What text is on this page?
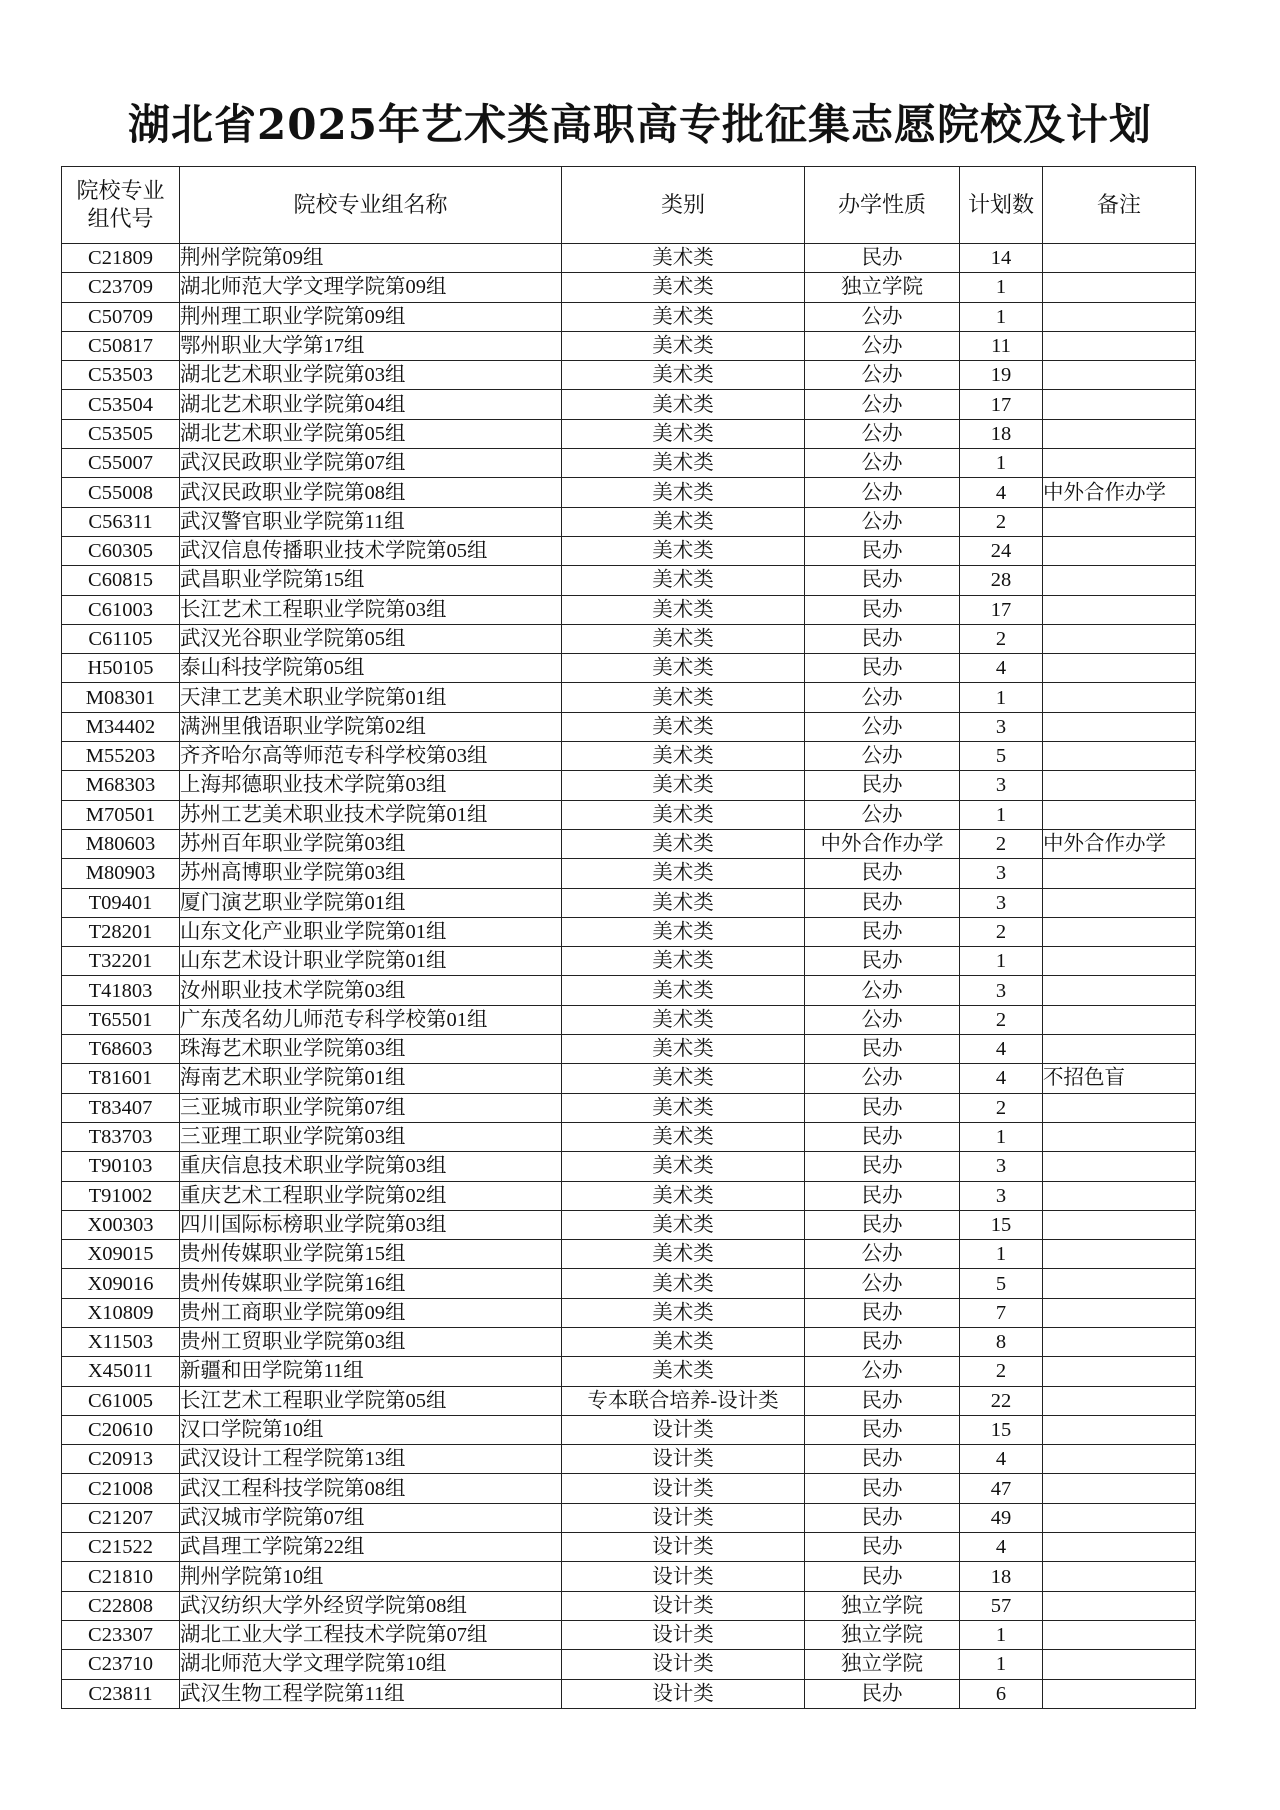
湖北省2025年艺术类高职高专批征集志愿院校及计划
院校专业
组代号	院校专业组名称	类别	办学性质	计划数	备注
C21809	荆州学院第09组	美术类	民办	14	
C23709	湖北师范大学文理学院第09组	美术类	独立学院	1	
C50709	荆州理工职业学院第09组	美术类	公办	1	
C50817	鄂州职业大学第17组	美术类	公办	11	
C53503	湖北艺术职业学院第03组	美术类	公办	19	
C53504	湖北艺术职业学院第04组	美术类	公办	17	
C53505	湖北艺术职业学院第05组	美术类	公办	18	
C55007	武汉民政职业学院第07组	美术类	公办	1	
C55008	武汉民政职业学院第08组	美术类	公办	4	中外合作办学
C56311	武汉警官职业学院第11组	美术类	公办	2	
C60305	武汉信息传播职业技术学院第05组	美术类	民办	24	
C60815	武昌职业学院第15组	美术类	民办	28	
C61003	长江艺术工程职业学院第03组	美术类	民办	17	
C61105	武汉光谷职业学院第05组	美术类	民办	2	
H50105	泰山科技学院第05组	美术类	民办	4	
M08301	天津工艺美术职业学院第01组	美术类	公办	1	
M34402	满洲里俄语职业学院第02组	美术类	公办	3	
M55203	齐齐哈尔高等师范专科学校第03组	美术类	公办	5	
M68303	上海邦德职业技术学院第03组	美术类	民办	3	
M70501	苏州工艺美术职业技术学院第01组	美术类	公办	1	
M80603	苏州百年职业学院第03组	美术类	中外合作办学	2	中外合作办学
M80903	苏州高博职业学院第03组	美术类	民办	3	
T09401	厦门演艺职业学院第01组	美术类	民办	3	
T28201	山东文化产业职业学院第01组	美术类	民办	2	
T32201	山东艺术设计职业学院第01组	美术类	民办	1	
T41803	汝州职业技术学院第03组	美术类	公办	3	
T65501	广东茂名幼儿师范专科学校第01组	美术类	公办	2	
T68603	珠海艺术职业学院第03组	美术类	民办	4	
T81601	海南艺术职业学院第01组	美术类	公办	4	不招色盲
T83407	三亚城市职业学院第07组	美术类	民办	2	
T83703	三亚理工职业学院第03组	美术类	民办	1	
T90103	重庆信息技术职业学院第03组	美术类	民办	3	
T91002	重庆艺术工程职业学院第02组	美术类	民办	3	
X00303	四川国际标榜职业学院第03组	美术类	民办	15	
X09015	贵州传媒职业学院第15组	美术类	公办	1	
X09016	贵州传媒职业学院第16组	美术类	公办	5	
X10809	贵州工商职业学院第09组	美术类	民办	7	
X11503	贵州工贸职业学院第03组	美术类	民办	8	
X45011	新疆和田学院第11组	美术类	公办	2	
C61005	长江艺术工程职业学院第05组	专本联合培养-设计类	民办	22	
C20610	汉口学院第10组	设计类	民办	15	
C20913	武汉设计工程学院第13组	设计类	民办	4	
C21008	武汉工程科技学院第08组	设计类	民办	47	
C21207	武汉城市学院第07组	设计类	民办	49	
C21522	武昌理工学院第22组	设计类	民办	4	
C21810	荆州学院第10组	设计类	民办	18	
C22808	武汉纺织大学外经贸学院第08组	设计类	独立学院	57	
C23307	湖北工业大学工程技术学院第07组	设计类	独立学院	1	
C23710	湖北师范大学文理学院第10组	设计类	独立学院	1	
C23811	武汉生物工程学院第11组	设计类	民办	6	
